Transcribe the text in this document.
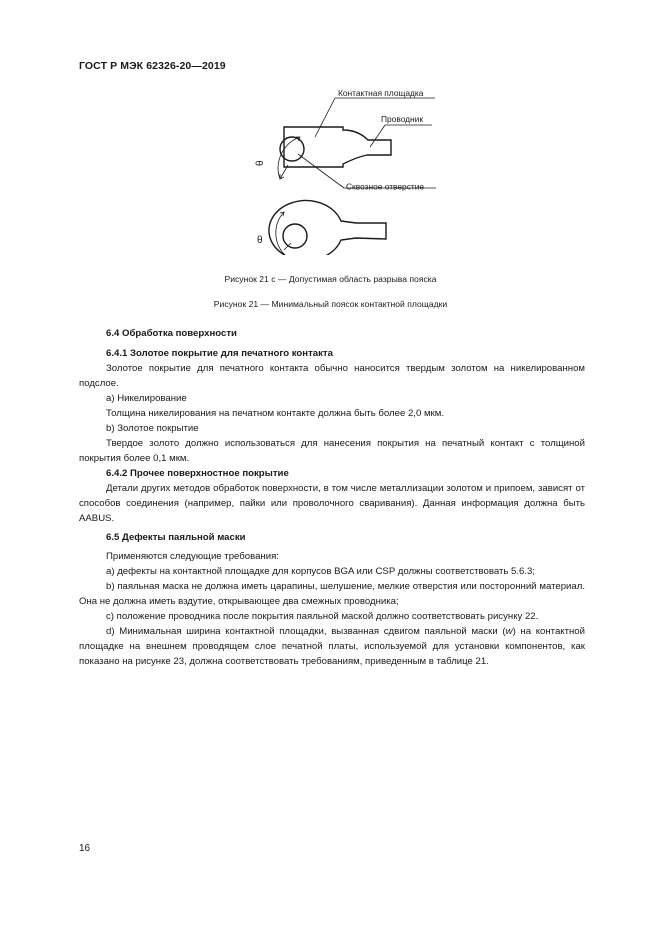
ГОСТ Р МЭК 62326-20—2019
Контактная площадка
Проводник
Сквозное отверстие
θ
θ
Рисунок 21 с — Допустимая область разрыва пояска
Рисунок 21 — Минимальный поясок контактной площадки

6.4 Обработка поверхности

6.4.1 Золотое покрытие для печатного контакта

Золотое покрытие для печатного контакта обычно наносится твердым золотом на никелированном подслое.

а) Никелирование

Толщина никелирования на печатном контакте должна быть более 2,0 мкм.

b) Золотое покрытие

Твердое золото должно использоваться для нанесения покрытия на печатный контакт с толщиной покрытия более 0,1 мкм.

6.4.2 Прочее поверхностное покрытие

Детали других методов обработок поверхности, в том числе металлизации золотом и припоем, зависят от способов соединения (например, пайки или проволочного сваривания). Данная информация должна быть AABUS.

6.5 Дефекты паяльной маски

Применяются следующие требования:

а) дефекты на контактной площадке для корпусов BGA или CSP должны соответствовать 5.6.3;

b) паяльная маска не должна иметь царапины, шелушение, мелкие отверстия или посторонний материал. Она не должна иметь вздутие, открывающее два смежных проводника;

с) положение проводника после покрытия паяльной маской должно соответствовать рисунку 22.

d) Минимальная ширина контактной площадки, вызванная сдвигом паяльной маски (w) на контактной площадке на внешнем проводящем слое печатной платы, используемой для установки компонентов, как показано на рисунке 23, должна соответствовать требованиям, приведенным в таблице 21.

16
